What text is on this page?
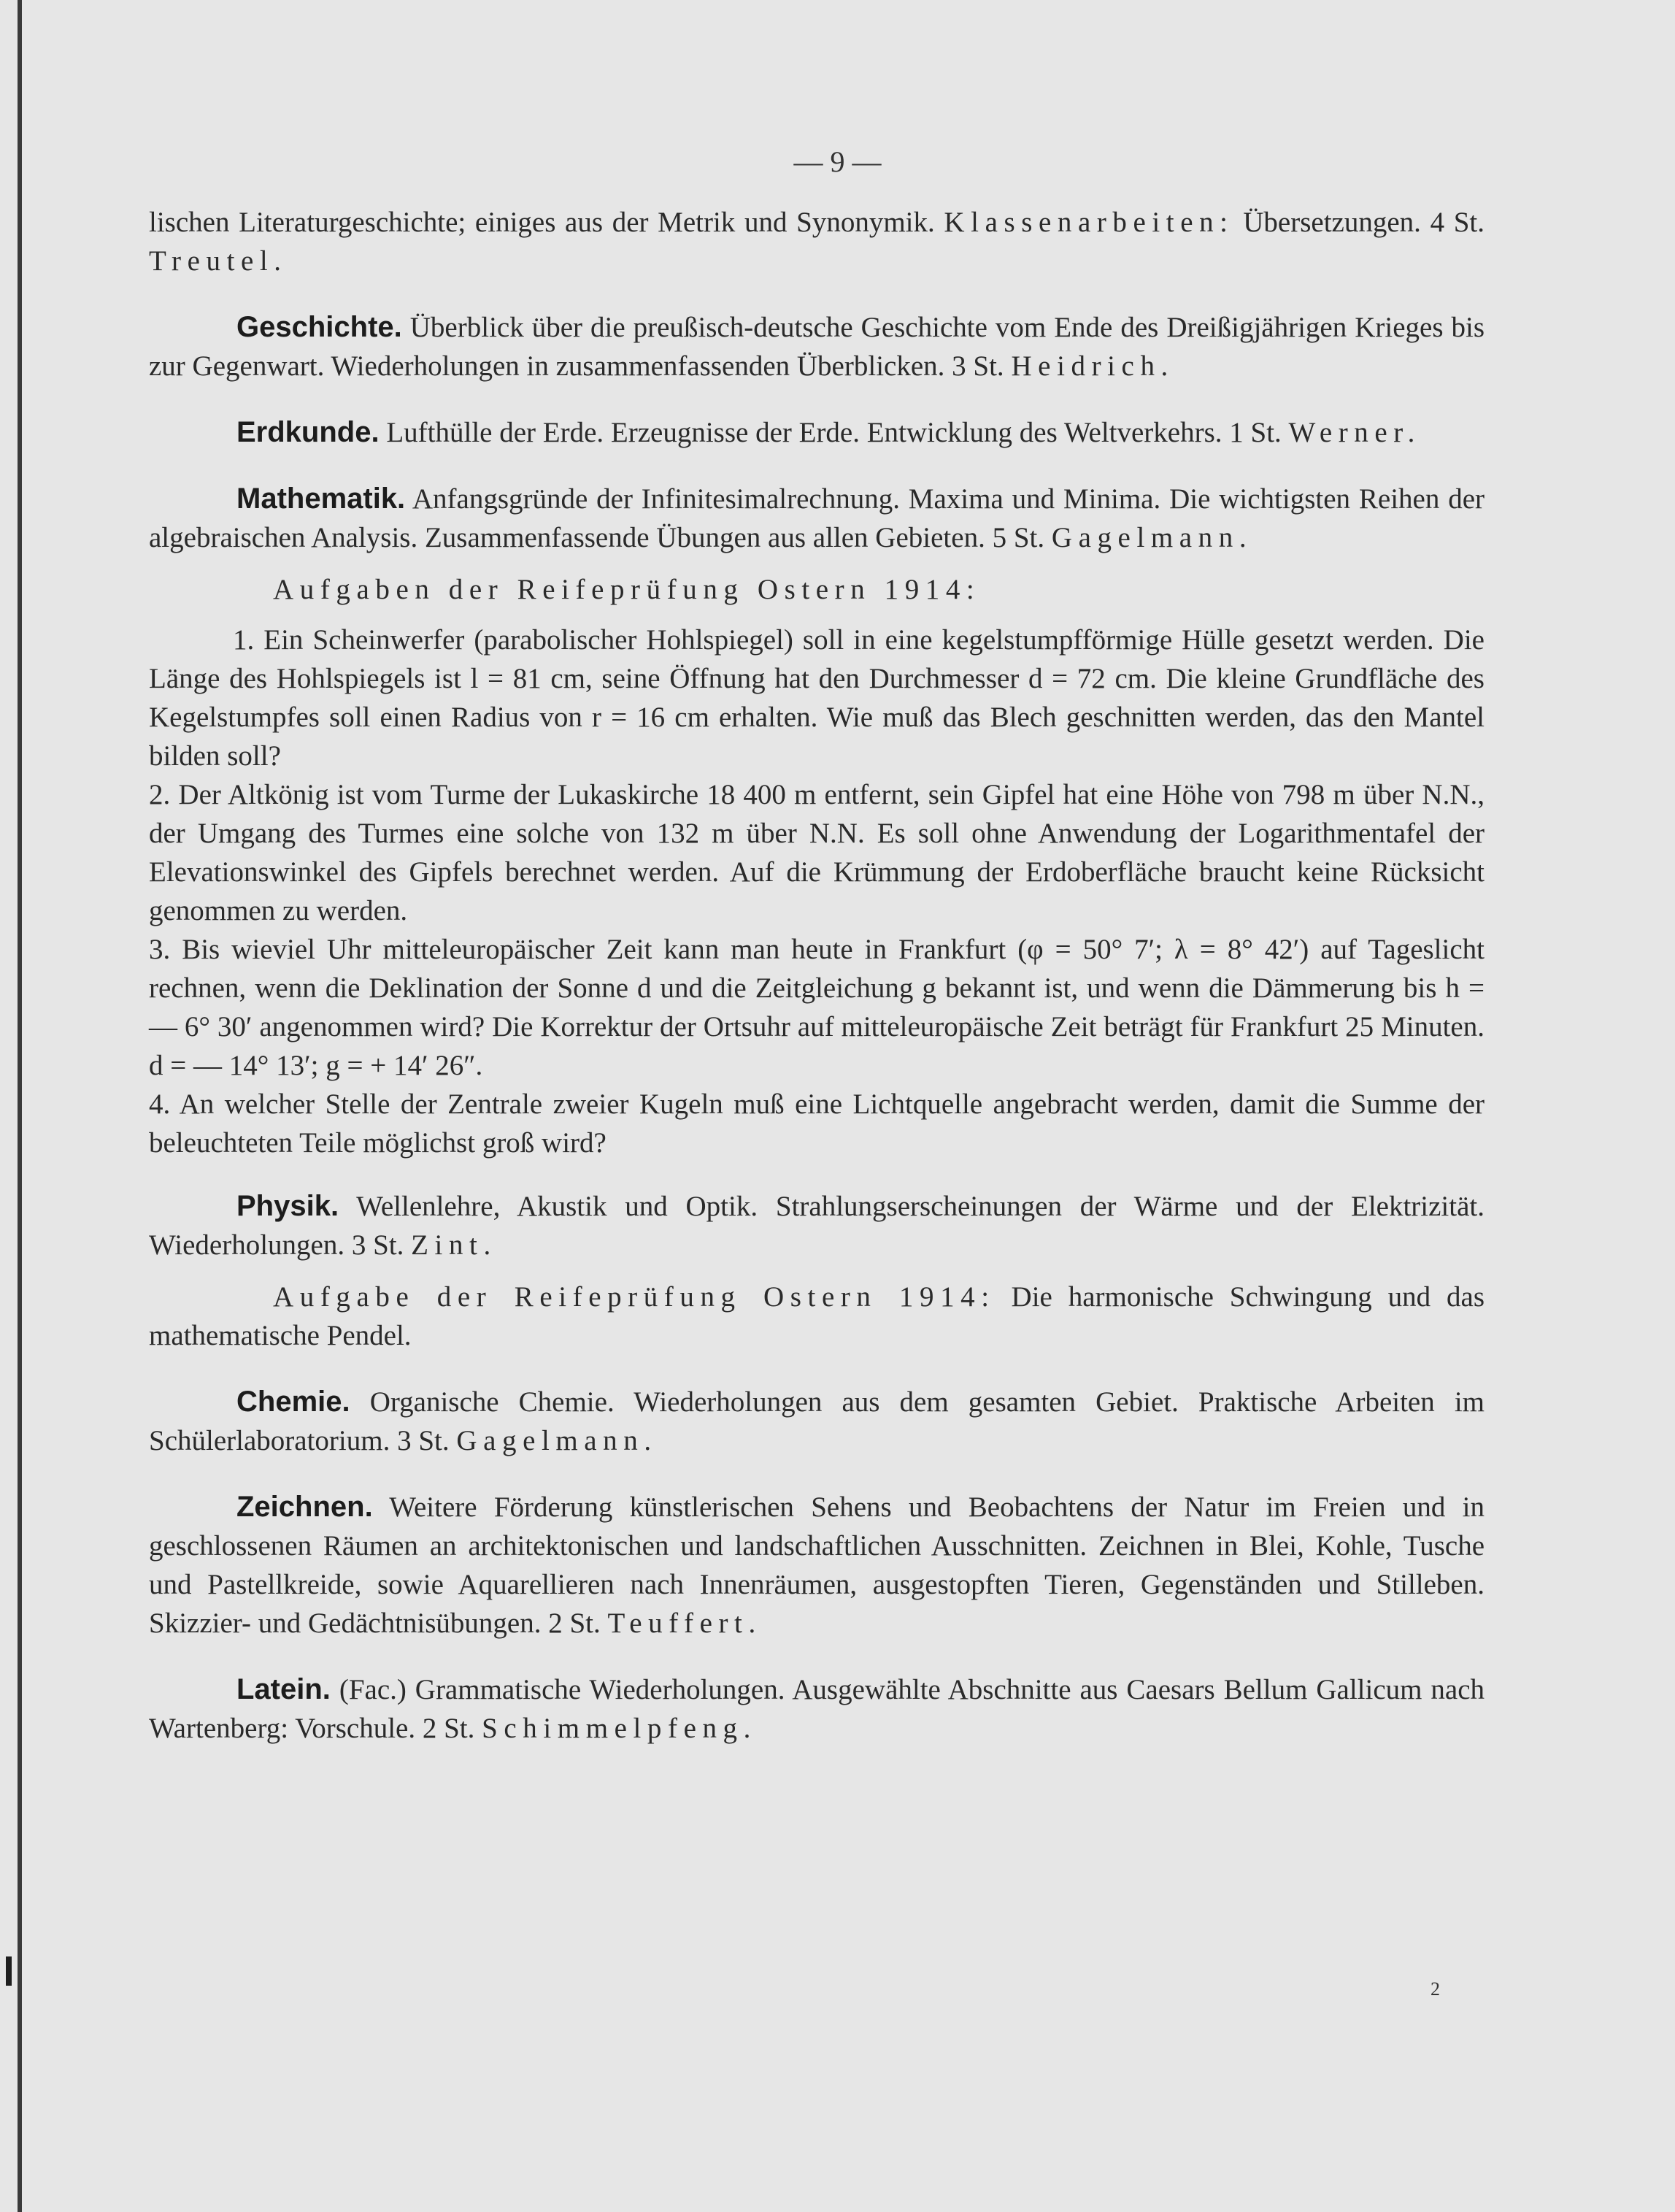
— 9 —

lischen Literaturgeschichte; einiges aus der Metrik und Synonymik. Klassenarbeiten: Übersetzungen. 4 St. Treutel.

Geschichte. Überblick über die preußisch-deutsche Geschichte vom Ende des Dreißigjährigen Krieges bis zur Gegenwart. Wiederholungen in zusammenfassenden Überblicken. 3 St. Heidrich.

Erdkunde. Lufthülle der Erde. Erzeugnisse der Erde. Entwicklung des Weltverkehrs. 1 St. Werner.

Mathematik. Anfangsgründe der Infinitesimalrechnung. Maxima und Minima. Die wichtigsten Reihen der algebraischen Analysis. Zusammenfassende Übungen aus allen Gebieten. 5 St. Gagelmann.

Aufgaben der Reifeprüfung Ostern 1914:

1. Ein Scheinwerfer (parabolischer Hohlspiegel) soll in eine kegelstumpfförmige Hülle gesetzt werden. Die Länge des Hohlspiegels ist l = 81 cm, seine Öffnung hat den Durchmesser d = 72 cm. Die kleine Grundfläche des Kegelstumpfes soll einen Radius von r = 16 cm erhalten. Wie muß das Blech geschnitten werden, das den Mantel bilden soll?

2. Der Altkönig ist vom Turme der Lukaskirche 18 400 m entfernt, sein Gipfel hat eine Höhe von 798 m über N.N., der Umgang des Turmes eine solche von 132 m über N.N. Es soll ohne Anwendung der Logarithmentafel der Elevationswinkel des Gipfels berechnet werden. Auf die Krümmung der Erdoberfläche braucht keine Rücksicht genommen zu werden.

3. Bis wieviel Uhr mitteleuropäischer Zeit kann man heute in Frankfurt (φ = 50° 7′; λ = 8° 42′) auf Tageslicht rechnen, wenn die Deklination der Sonne d und die Zeitgleichung g bekannt ist, und wenn die Dämmerung bis h = — 6° 30′ angenommen wird? Die Korrektur der Ortsuhr auf mitteleuropäische Zeit beträgt für Frankfurt 25 Minuten. d = — 14° 13′; g = + 14′ 26″.

4. An welcher Stelle der Zentrale zweier Kugeln muß eine Lichtquelle angebracht werden, damit die Summe der beleuchteten Teile möglichst groß wird?

Physik. Wellenlehre, Akustik und Optik. Strahlungserscheinungen der Wärme und der Elektrizität. Wiederholungen. 3 St. Zint.

Aufgabe der Reifeprüfung Ostern 1914: Die harmonische Schwingung und das mathematische Pendel.

Chemie. Organische Chemie. Wiederholungen aus dem gesamten Gebiet. Praktische Arbeiten im Schülerlaboratorium. 3 St. Gagelmann.

Zeichnen. Weitere Förderung künstlerischen Sehens und Beobachtens der Natur im Freien und in geschlossenen Räumen an architektonischen und landschaftlichen Ausschnitten. Zeichnen in Blei, Kohle, Tusche und Pastellkreide, sowie Aquarellieren nach Innenräumen, ausgestopften Tieren, Gegenständen und Stilleben. Skizzier- und Gedächtnisübungen. 2 St. Teuffert.

Latein. (Fac.) Grammatische Wiederholungen. Ausgewählte Abschnitte aus Caesars Bellum Gallicum nach Wartenberg: Vorschule. 2 St. Schimmelpfeng.

2
